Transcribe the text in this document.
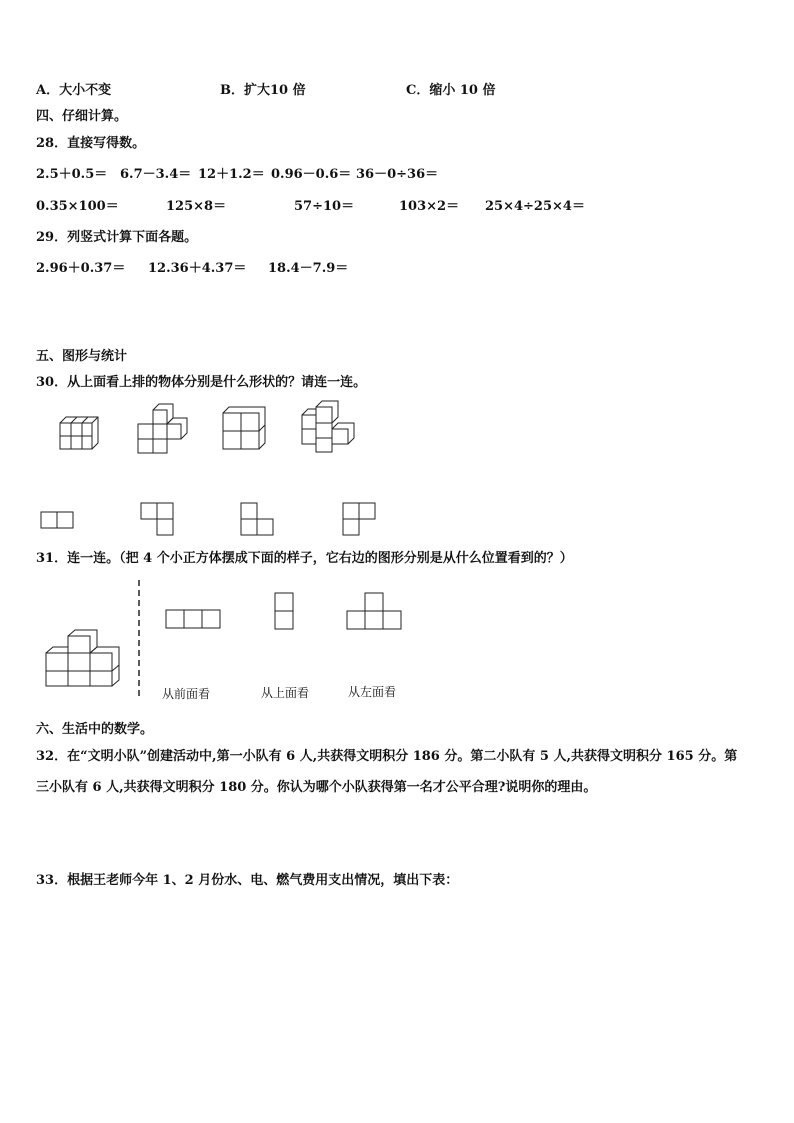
A．大小不变	B．扩大10 倍	C．缩小 10 倍
四、仔细计算。
28．直接写得数。
2.5＋0.5＝ 6.7－3.4＝ 12＋1.2＝ 0.96－0.6＝ 36－0÷36＝
0.35×100＝	125×8＝	57÷10＝	103×2＝ 25×4÷25×4＝
29．列竖式计算下面各题。
2.96＋0.37＝ 12.36＋4.37＝ 18.4－7.9＝
五、图形与统计
30．从上面看上排的物体分别是什么形状的？请连一连。
31．连一连。（把 4 个小正方体摆成下面的样子，它右边的图形分别是从什么位置看到的？）
从前面看	从上面看	从左面看
六、生活中的数学。
32．在“文明小队”创建活动中,第一小队有 6 人,共获得文明积分 186 分。第二小队有 5 人,共获得文明积分 165 分。第
三小队有 6 人,共获得文明积分 180 分。你认为哪个小队获得第一名才公平合理?说明你的理由。
33．根据王老师今年 1、2 月份水、电、燃气费用支出情况，填出下表：
